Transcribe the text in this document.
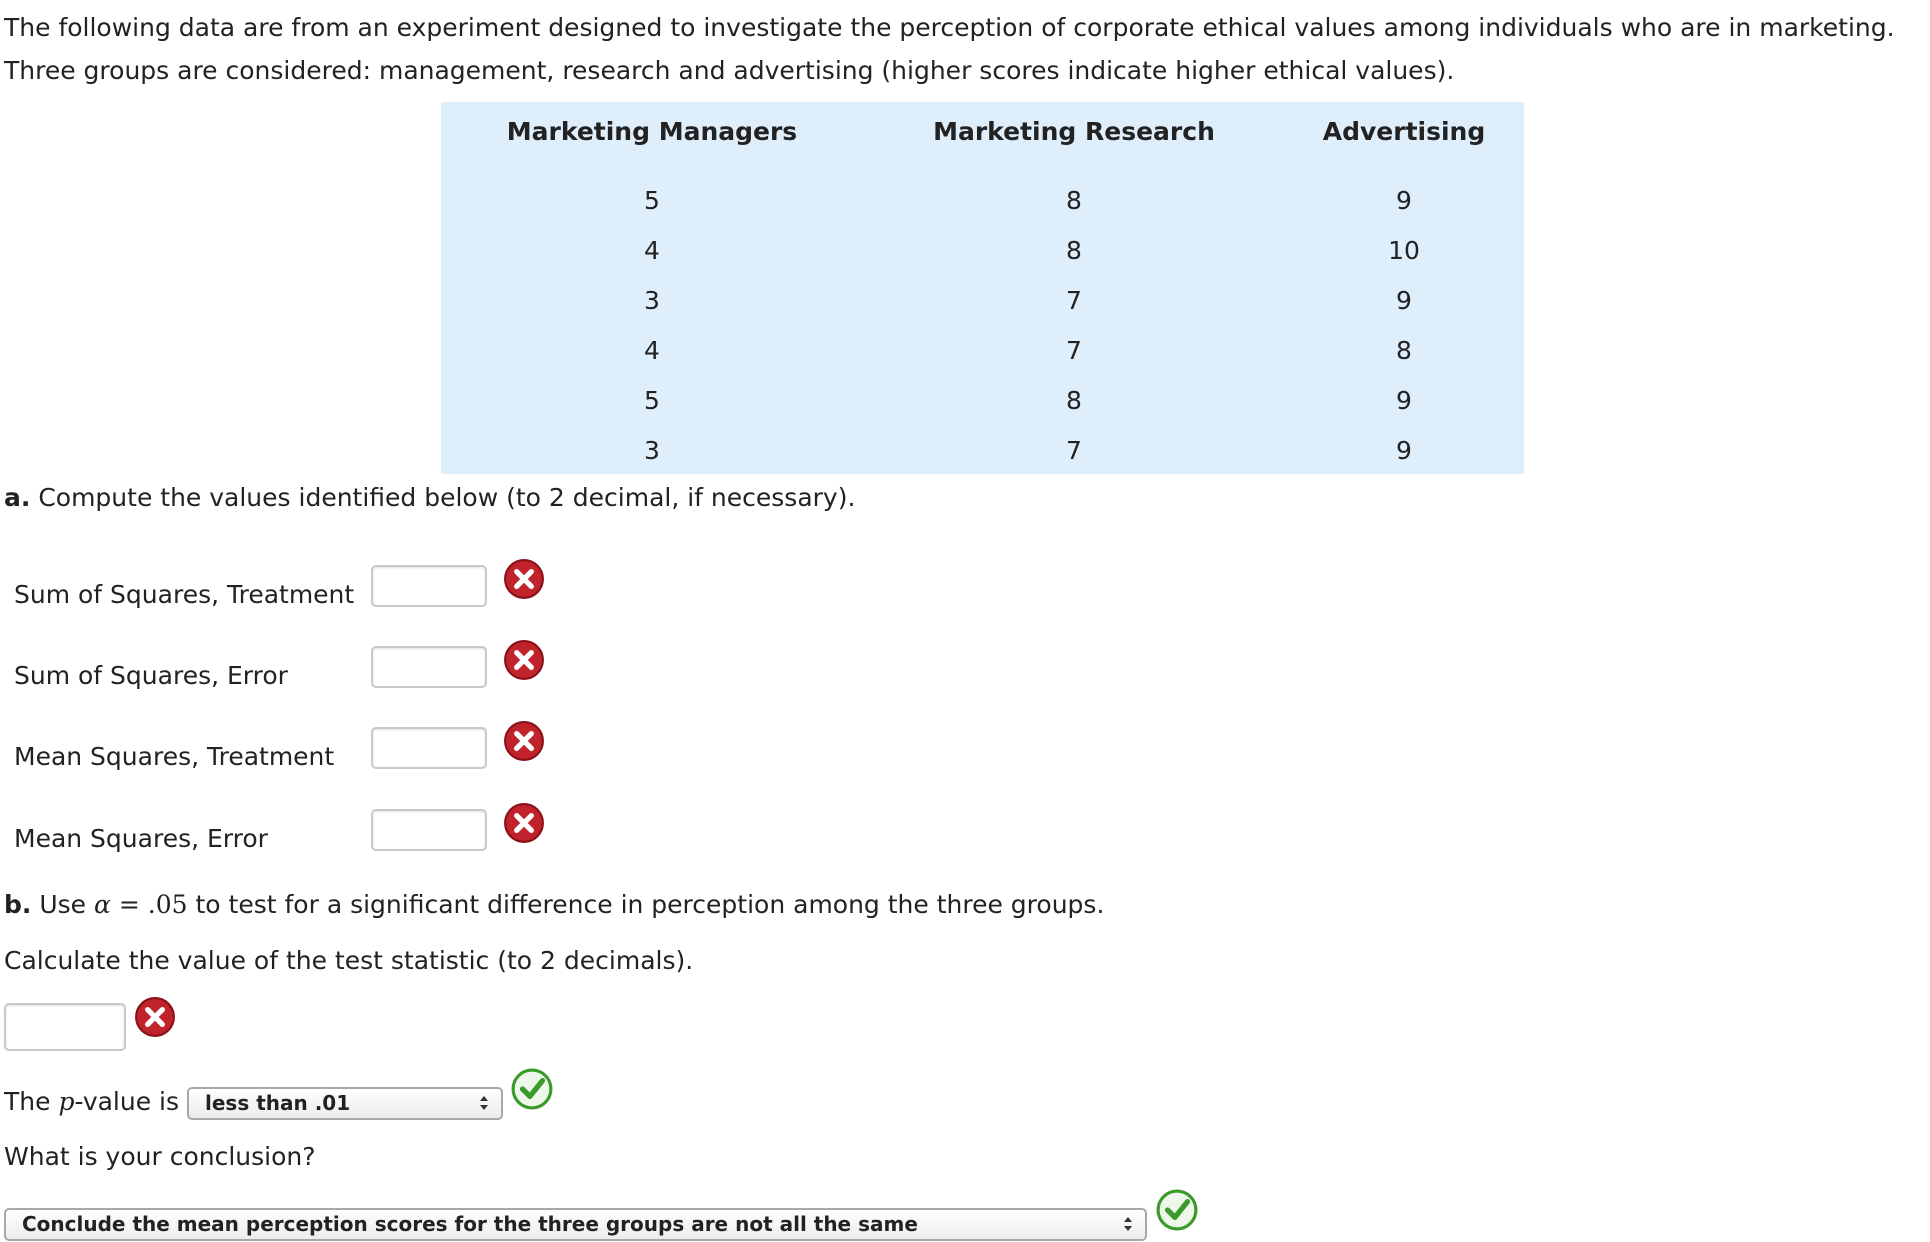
The following data are from an experiment designed to investigate the perception of corporate ethical values among individuals who are in marketing. Three groups are considered: management, research and advertising (higher scores indicate higher ethical values).

Marketing Managers
5
4
3
4
5
3
Marketing Research
8
8
7
7
8
7
Advertising
9
10
9
8
9
9

a. Compute the values identified below (to 2 decimal, if necessary).

Sum of Squares, Treatment
Sum of Squares, Error
Mean Squares, Treatment
Mean Squares, Error

b. Use α = .05 to test for a significant difference in perception among the three groups.

Calculate the value of the test statistic (to 2 decimals).

The p-value is	less than .01

What is your conclusion?

Conclude the mean perception scores for the three groups are not all the same
